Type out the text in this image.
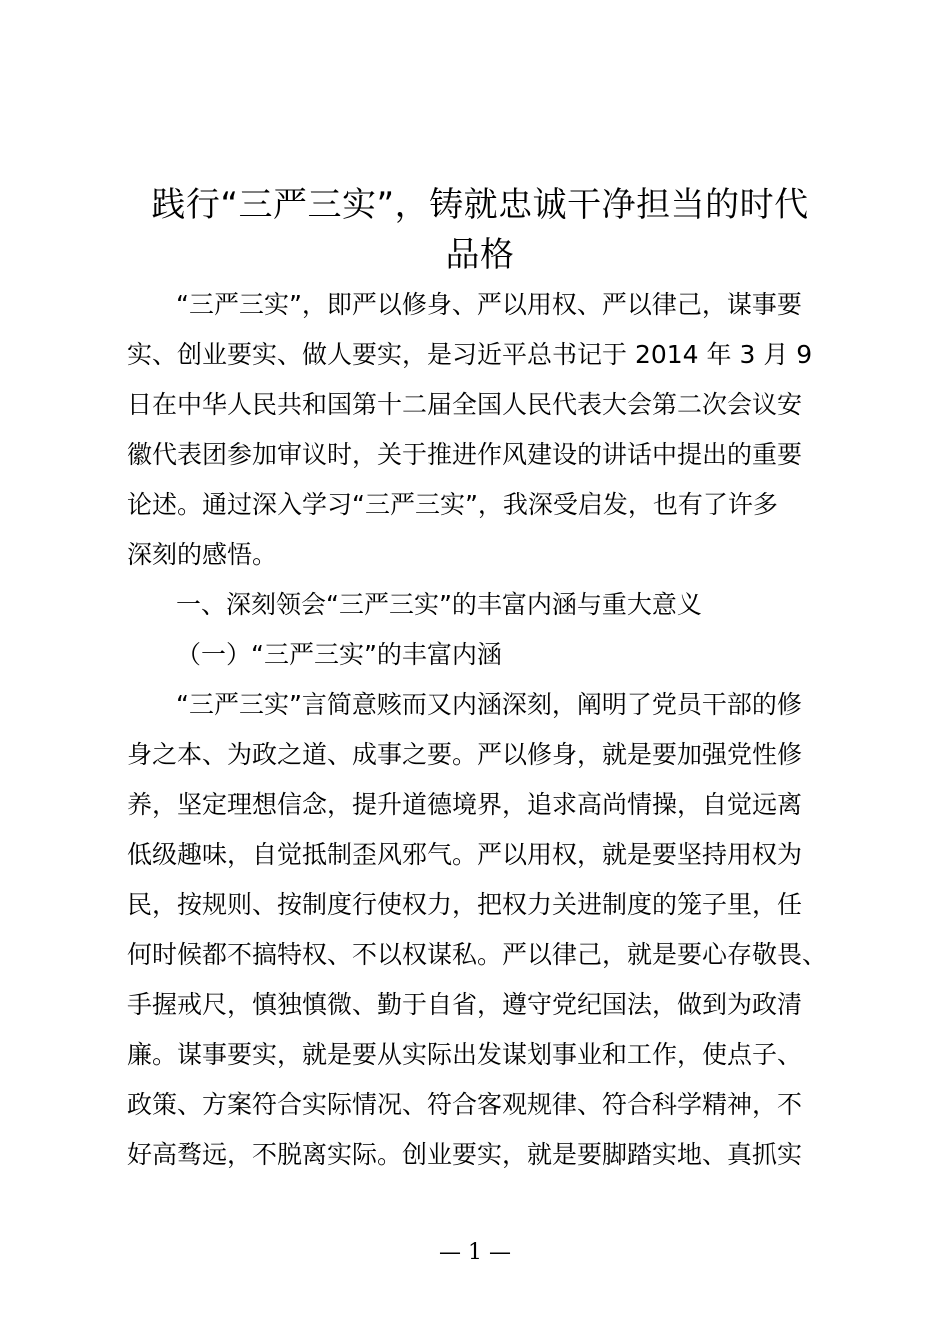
践行“三严三实”，铸就忠诚干净担当的时代
品格
“三严三实”，即严以修身、严以用权、严以律己，谋事要
实、创业要实、做人要实，是习近平总书记于 2014 年 3 月 9
日在中华人民共和国第十二届全国人民代表大会第二次会议安
徽代表团参加审议时，关于推进作风建设的讲话中提出的重要
论述。通过深入学习“三严三实”，我深受启发，也有了许多
深刻的感悟。
一、深刻领会“三严三实”的丰富内涵与重大意义
（一）“三严三实”的丰富内涵
“三严三实”言简意赅而又内涵深刻，阐明了党员干部的修
身之本、为政之道、成事之要。严以修身，就是要加强党性修
养，坚定理想信念，提升道德境界，追求高尚情操，自觉远离
低级趣味，自觉抵制歪风邪气。严以用权，就是要坚持用权为
民，按规则、按制度行使权力，把权力关进制度的笼子里，任
何时候都不搞特权、不以权谋私。严以律己，就是要心存敬畏、
手握戒尺，慎独慎微、勤于自省，遵守党纪国法，做到为政清
廉。谋事要实，就是要从实际出发谋划事业和工作，使点子、
政策、方案符合实际情况、符合客观规律、符合科学精神，不
好高骛远，不脱离实际。创业要实，就是要脚踏实地、真抓实
— 1 —
